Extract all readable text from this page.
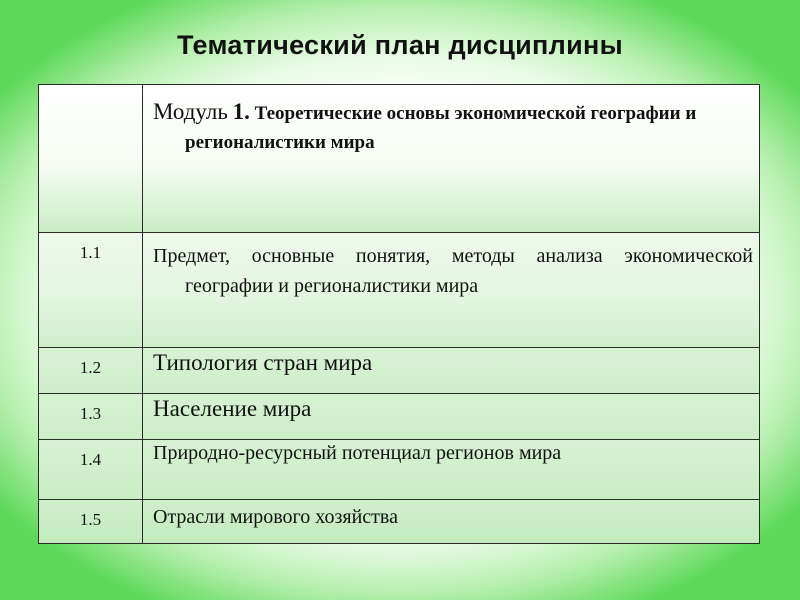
Тематический план дисциплины

	Модуль 1. Теоретические основы экономической географии и регионалистики мира

1.1	Предмет, основные понятия, методы анализа экономической географии и регионалистики мира

1.2	Типология стран мира
1.3	Население мира
1.4	Природно-ресурсный потенциал регионов мира
1.5	Отрасли мирового хозяйства
